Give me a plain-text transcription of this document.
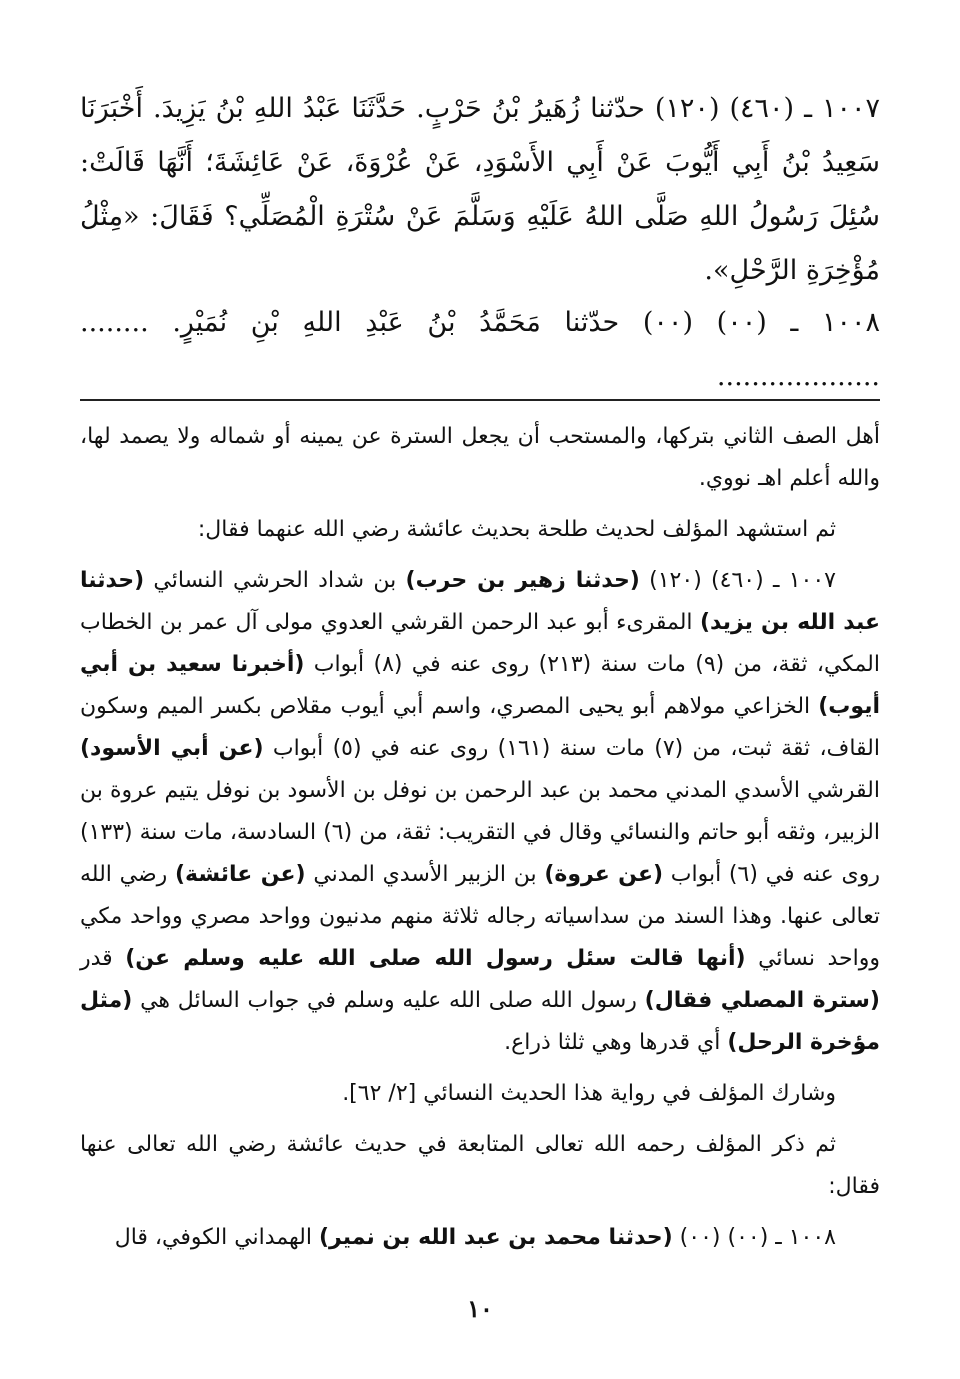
١٠٠٧ ـ (٤٦٠) (١٢٠) حدّثنا زُهَيرُ بْنُ حَرْبٍ. حَدَّثَنَا عَبْدُ اللهِ بْنُ يَزِيدَ. أَخْبَرَنَا سَعِيدُ بْنُ أَبِي أَيُّوبَ عَنْ أَبِي الأَسْوَدِ، عَنْ عُرْوَةَ، عَنْ عَائِشَةَ؛ أَنَّهَا قَالَتْ: سُئِلَ رَسُولُ اللهِ صَلَّى اللهُ عَلَيْهِ وَسَلَّمَ عَنْ سُتْرَةِ الْمُصَلِّي؟ فَقَالَ: «مِثْلُ مُؤْخِرَةِ الرَّحْلِ».

١٠٠٨ ـ (٠٠) (٠٠) حدّثنا مَحَمَّدُ بْنُ عَبْدِ اللهِ بْنِ نُمَيْرٍ. ........ ...................

أهل الصف الثاني بتركها، والمستحب أن يجعل السترة عن يمينه أو شماله ولا يصمد لها، والله أعلم اهـ نووي.

ثم استشهد المؤلف لحديث طلحة بحديث عائشة رضي الله عنهما فقال:

١٠٠٧ ـ (٤٦٠) (١٢٠) (حدثنا زهير بن حرب) بن شداد الحرشي النسائي (حدثنا عبد الله بن يزيد) المقرىء أبو عبد الرحمن القرشي العدوي مولى آل عمر بن الخطاب المكي، ثقة، من (٩) مات سنة (٢١٣) روى عنه في (٨) أبواب (أخبرنا سعيد بن أبي أيوب) الخزاعي مولاهم أبو يحيى المصري، واسم أبي أيوب مقلاص بكسر الميم وسكون القاف، ثقة ثبت، من (٧) مات سنة (١٦١) روى عنه في (٥) أبواب (عن أبي الأسود) القرشي الأسدي المدني محمد بن عبد الرحمن بن نوفل بن الأسود بن نوفل يتيم عروة بن الزبير، وثقه أبو حاتم والنسائي وقال في التقريب: ثقة، من (٦) السادسة، مات سنة (١٣٣) روى عنه في (٦) أبواب (عن عروة) بن الزبير الأسدي المدني (عن عائشة) رضي الله تعالى عنها. وهذا السند من سداسياته رجاله ثلاثة منهم مدنيون وواحد مصري وواحد مكي وواحد نسائي (أنها قالت سئل رسول الله صلى الله عليه وسلم عن) قدر (سترة المصلي فقال) رسول الله صلى الله عليه وسلم في جواب السائل هي (مثل مؤخرة الرحل) أي قدرها وهي ثلثا ذراع.

وشارك المؤلف في رواية هذا الحديث النسائي [٢/ ٦٢].

ثم ذكر المؤلف رحمه الله تعالى المتابعة في حديث عائشة رضي الله تعالى عنها فقال:

١٠٠٨ ـ (٠٠) (٠٠) (حدثنا محمد بن عبد الله بن نمير) الهمداني الكوفي، قال

١٠
